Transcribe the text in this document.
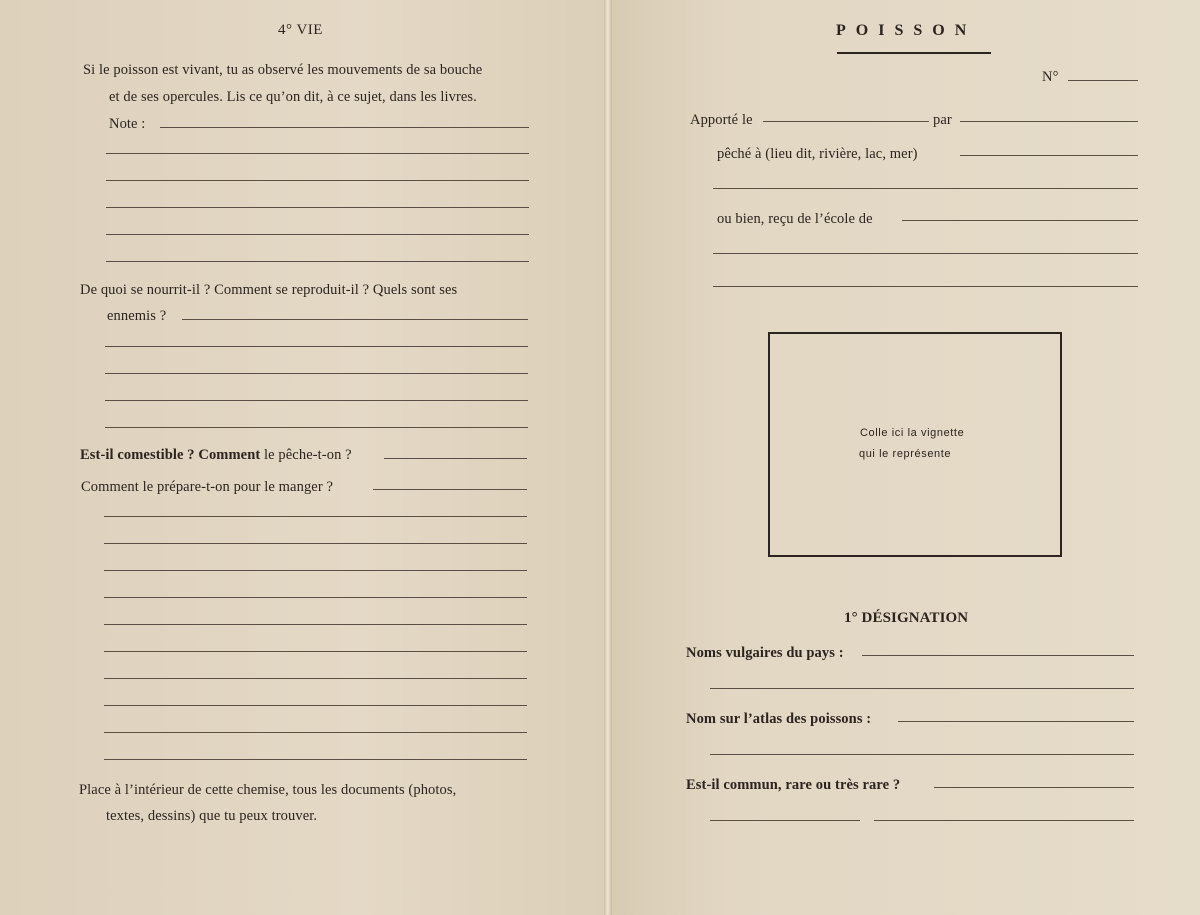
4° VIE
Si le poisson est vivant, tu as observé les mouvements de sa bouche
et de ses opercules. Lis ce qu’on dit, à ce sujet, dans les livres.
Note :
De quoi se nourrit-il ? Comment se reproduit-il ? Quels sont ses
ennemis ?
Est-il comestible ? Comment le pêche-t-on ?
Comment le prépare-t-on pour le manger ?
Place à l’intérieur de cette chemise, tous les documents (photos,
textes, dessins) que tu peux trouver.
POISSON
N°
Apporté le	par
pêché à (lieu dit, rivière, lac, mer)
ou bien, reçu de l’école de
Colle ici la vignette
qui le représente
1° DÉSIGNATION
Noms vulgaires du pays :
Nom sur l’atlas des poissons :
Est-il commun, rare ou très rare ?
